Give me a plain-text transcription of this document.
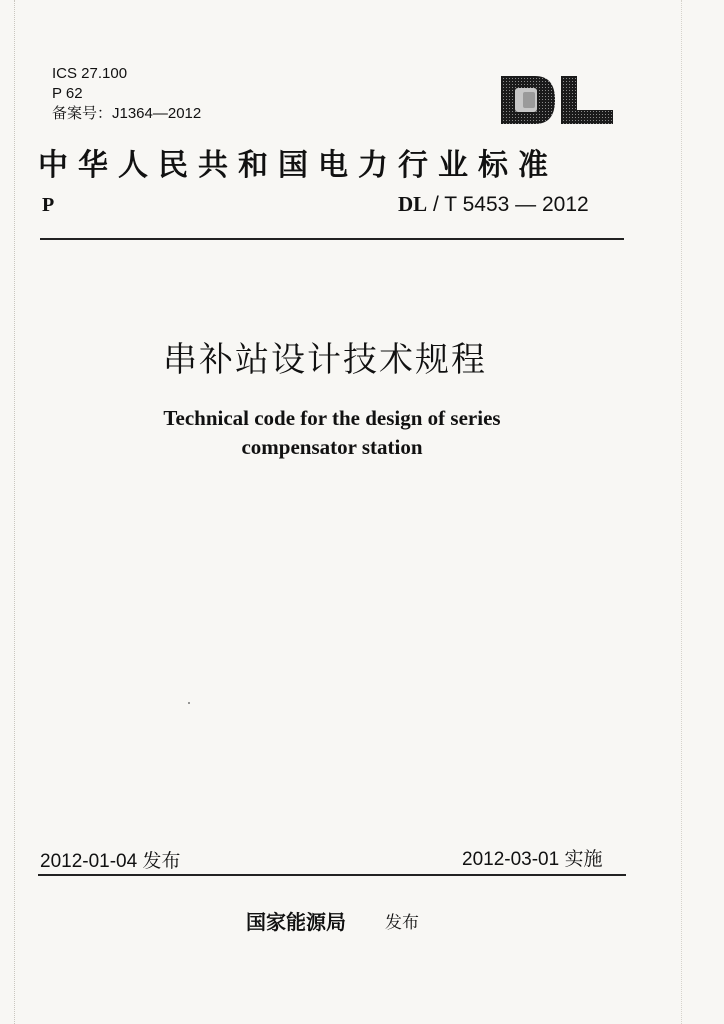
ICS 27.100
P 62
备案号：J1364—2012
中华人民共和国电力行业标准
P	DL / T 5453 — 2012
串补站设计技术规程
Technical code for the design of series
compensator station
2012-01-04 发布	2012-03-01 实施
国家能源局 发布
